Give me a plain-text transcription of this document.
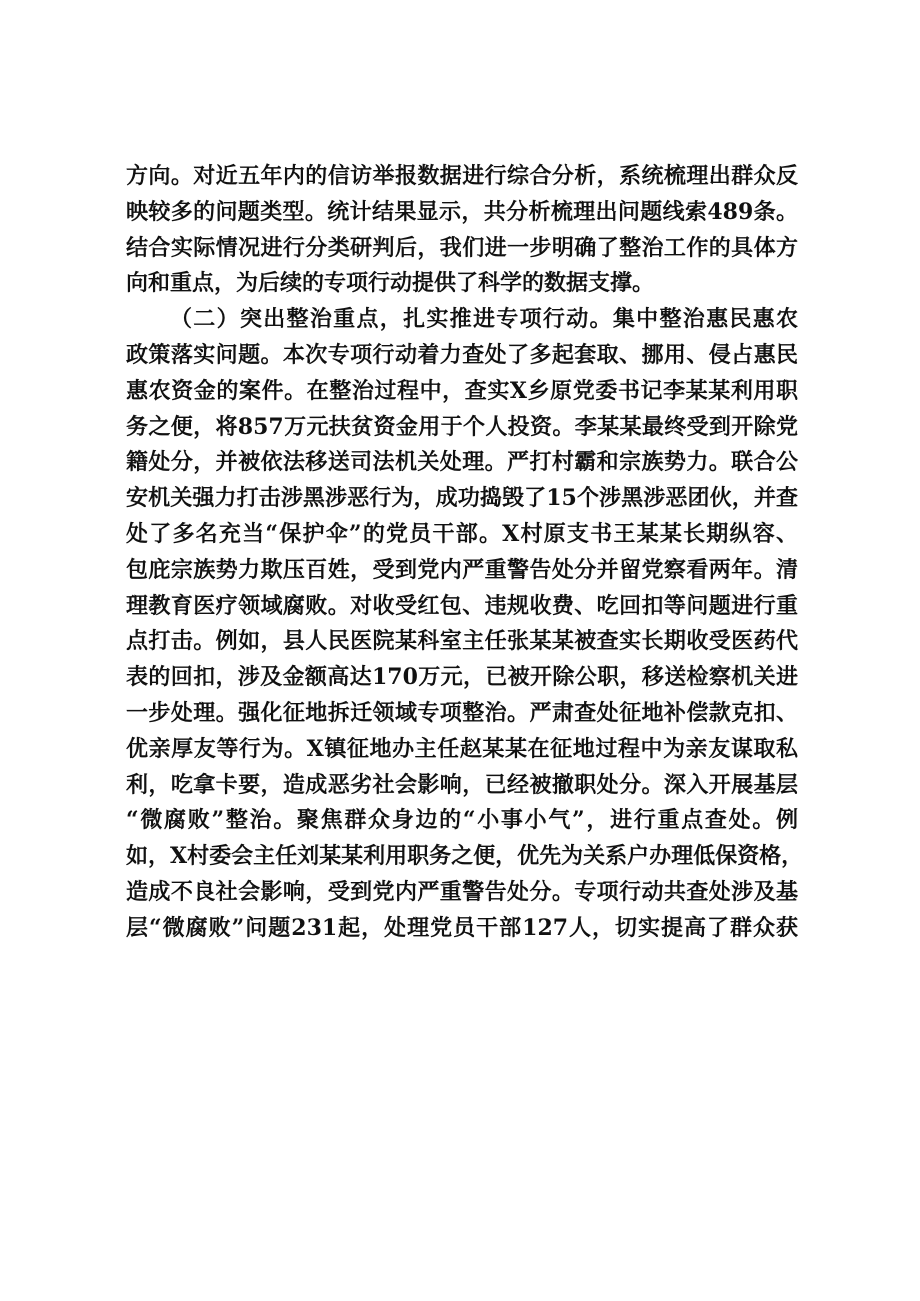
方向。对近五年内的信访举报数据进行综合分析，系统梳理出群众反
映较多的问题类型。统计结果显示，共分析梳理出问题线索489条。
结合实际情况进行分类研判后，我们进一步明确了整治工作的具体方
向和重点，为后续的专项行动提供了科学的数据支撑。
（二）突出整治重点，扎实推进专项行动。集中整治惠民惠农
政策落实问题。本次专项行动着力查处了多起套取、挪用、侵占惠民
惠农资金的案件。在整治过程中，查实X乡原党委书记李某某利用职
务之便，将857万元扶贫资金用于个人投资。李某某最终受到开除党
籍处分，并被依法移送司法机关处理。严打村霸和宗族势力。联合公
安机关强力打击涉黑涉恶行为，成功捣毁了15个涉黑涉恶团伙，并查
处了多名充当“保护伞”的党员干部。X村原支书王某某长期纵容、
包庇宗族势力欺压百姓，受到党内严重警告处分并留党察看两年。清
理教育医疗领域腐败。对收受红包、违规收费、吃回扣等问题进行重
点打击。例如，县人民医院某科室主任张某某被查实长期收受医药代
表的回扣，涉及金额高达170万元，已被开除公职，移送检察机关进
一步处理。强化征地拆迁领域专项整治。严肃查处征地补偿款克扣、
优亲厚友等行为。X镇征地办主任赵某某在征地过程中为亲友谋取私
利，吃拿卡要，造成恶劣社会影响，已经被撤职处分。深入开展基层
“微腐败”整治。聚焦群众身边的“小事小气”，进行重点查处。例
如，X村委会主任刘某某利用职务之便，优先为关系户办理低保资格，
造成不良社会影响，受到党内严重警告处分。专项行动共查处涉及基
层“微腐败”问题231起，处理党员干部127人，切实提高了群众获
